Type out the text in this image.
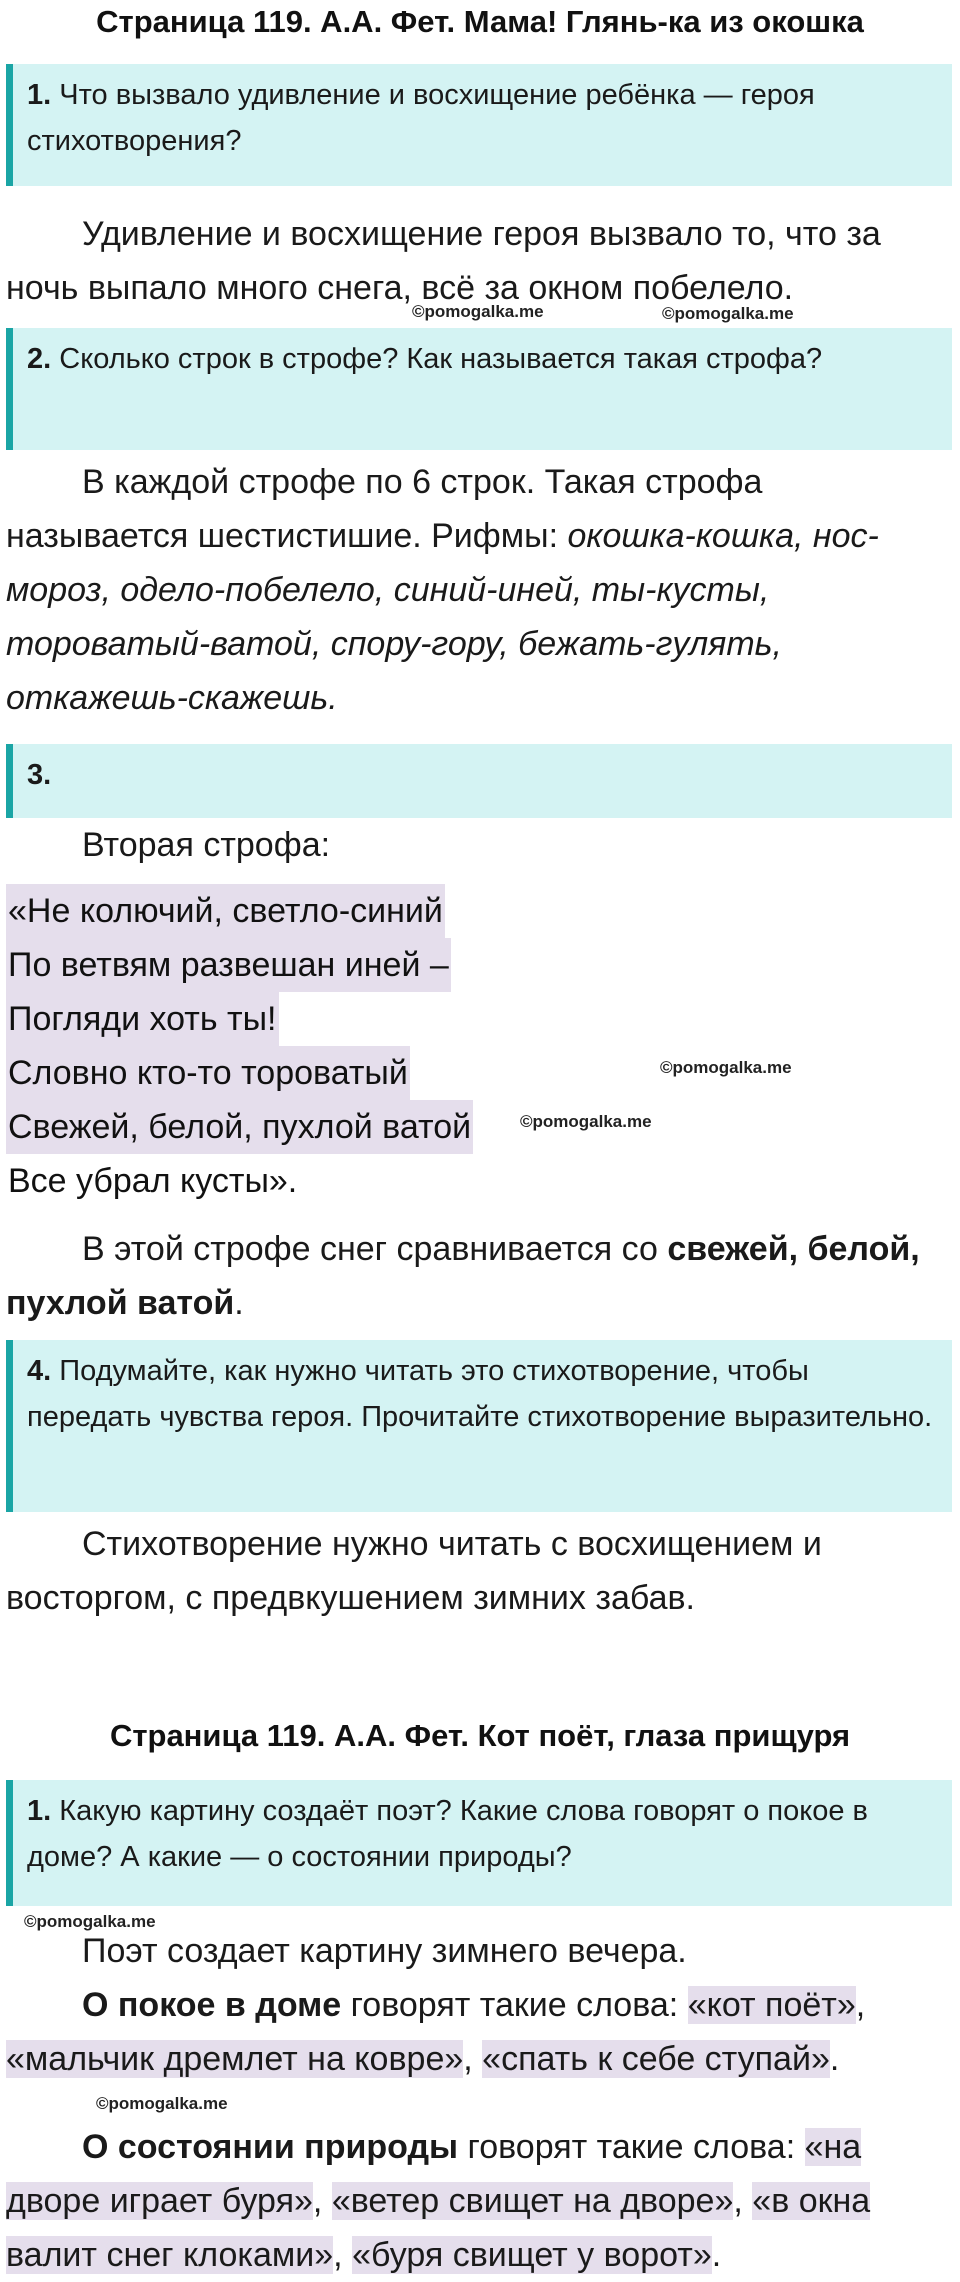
Страница 119. А.А. Фет. Мама! Глянь-ка из окошка
1. Что вызвало удивление и восхищение ребёнка — героя стихотворения?
Удивление и восхищение героя вызвало то, что за ночь выпало много снега, всё за окном побелело.
©pomogalka.me	©pomogalka.me
2. Сколько строк в строфе? Как называется такая строфа?
В каждой строфе по 6 строк. Такая строфа называется шестистишие. Рифмы: окошка-кошка, нос-мороз, одело-побелело, синий-иней, ты-кусты, тороватый-ватой, спору-гору, бежать-гулять, откажешь-скажешь.
3.
Вторая строфа:
«Не колючий, светло-синий
По ветвям развешан иней –
Погляди хоть ты!
Словно кто-то тороватый
Свежей, белой, пухлой ватой
Все убрал кусты».
©pomogalka.me
©pomogalka.me
В этой строфе снег сравнивается со свежей, белой, пухлой ватой.
4. Подумайте, как нужно читать это стихотворение, чтобы передать чувства героя. Прочитайте стихотворение выразительно.
Стихотворение нужно читать с восхищением и восторгом, с предвкушением зимних забав.
Страница 119. А.А. Фет. Кот поёт, глаза прищуря
1. Какую картину создаёт поэт? Какие слова говорят о покое в доме? А какие — о состоянии природы?
©pomogalka.me
Поэт создает картину зимнего вечера.
О покое в доме говорят такие слова: «кот поёт», «мальчик дремлет на ковре», «спать к себе ступай».
©pomogalka.me
О состоянии природы говорят такие слова: «на дворе играет буря», «ветер свищет на дворе», «в окна валит снег клоками», «буря свищет у ворот».
